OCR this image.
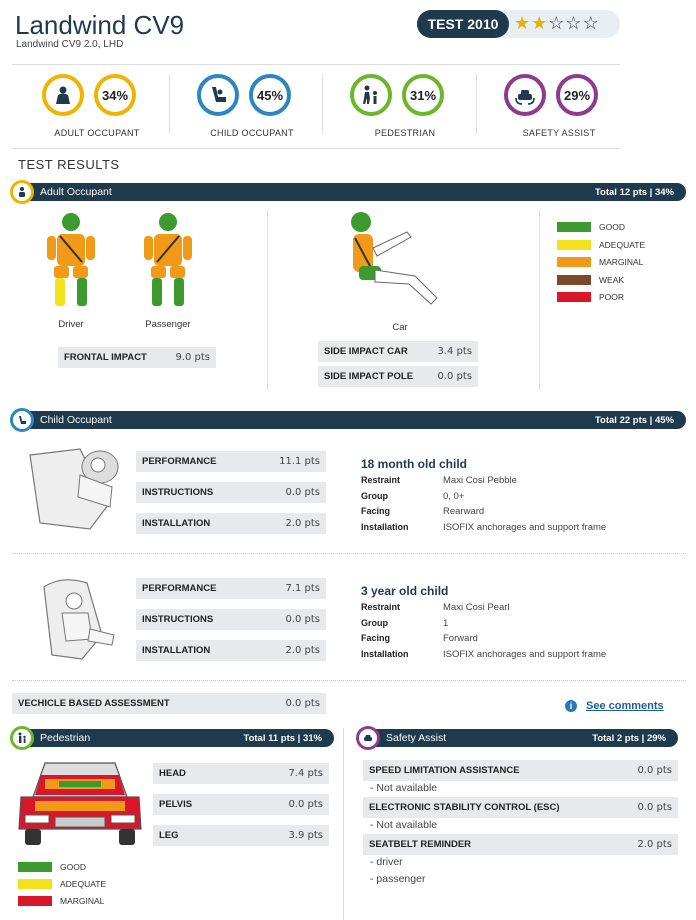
Landwind CV9
Landwind CV9 2.0, LHD
TEST 2010 ★★☆☆☆
34%
ADULT OCCUPANT
45%
CHILD OCCUPANT
31%
PEDESTRIAN
29%
SAFETY ASSIST
TEST RESULTS
Adult Occupant	Total 12 pts | 34%
Driver	Passenger
FRONTAL IMPACT	9.0 pts
Car
SIDE IMPACT CAR	3.4 pts
SIDE IMPACT POLE 0.0 pts
GOOD
ADEQUATE
MARGINAL
WEAK
POOR
Child Occupant	Total 22 pts | 45%
PERFORMANCE	11.1 pts
INSTRUCTIONS	0.0 pts
INSTALLATION	2.0 pts
18 month old child
Restraint	Maxi Cosi Pebble
Group	0, 0+
Facing	Rearward
Installation	ISOFIX anchorages and support frame
PERFORMANCE	7.1 pts
INSTRUCTIONS	0.0 pts
INSTALLATION	2.0 pts
3 year old child
Restraint	Maxi Cosi Pearl
Group	1
Facing	Forward
Installation	ISOFIX anchorages and support frame
VECHICLE BASED ASSESSMENT	0.0 pts	i	See comments
Pedestrian	Total 11 pts | 31%
HEAD	7.4 pts
PELVIS	0.0 pts
LEG	3.9 pts
GOOD
ADEQUATE
MARGINAL
Safety Assist	Total 2 pts | 29%
SPEED LIMITATION ASSISTANCE	0.0 pts
- Not available
ELECTRONIC STABILITY CONTROL (ESC)	0.0 pts
- Not available
SEATBELT REMINDER	2.0 pts
- driver
- passenger
